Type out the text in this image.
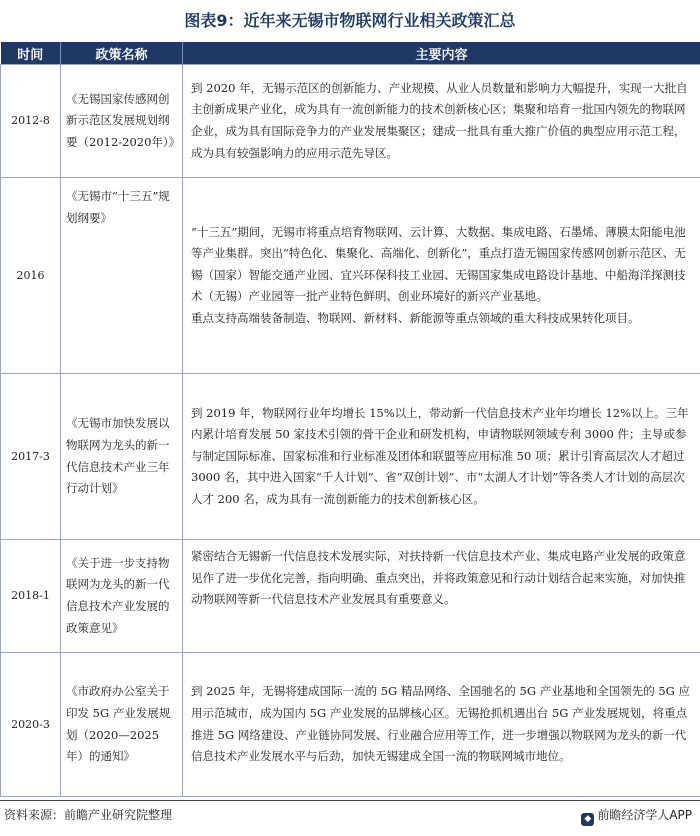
图表9：近年来无锡市物联网行业相关政策汇总
时间	政策名称	主要内容
2012-8	《无锡国家传感网创新示范区发展规划纲要（2012-2020年）》	到 2020 年，无锡示范区的创新能力、产业规模、从业人员数量和影响力大幅提升，实现一大批自主创新成果产业化，成为具有一流创新能力的技术创新核心区；集聚和培育一批国内领先的物联网企业，成为具有国际竞争力的产业发展集聚区；建成一批具有重大推广价值的典型应用示范工程，成为具有较强影响力的应用示范先导区。

2016	《无锡市“十三五”规划纲要》	“十三五”期间，无锡市将重点培育物联网、云计算、大数据、集成电路、石墨烯、薄膜太阳能电池等产业集群。突出“特色化、集聚化、高端化、创新化”，重点打造无锡国家传感网创新示范区、无锡（国家）智能交通产业园、宜兴环保科技工业园、无锡国家集成电路设计基地、中船海洋探测技术（无锡）产业园等一批产业特色鲜明、创业环境好的新兴产业基地。
重点支持高端装备制造、物联网、新材料、新能源等重点领域的重大科技成果转化项目。

2017-3	《无锡市加快发展以物联网为龙头的新一代信息技术产业三年行动计划》	到 2019 年，物联网行业年均增长 15%以上，带动新一代信息技术产业年均增长 12%以上。三年内累计培育发展 50 家技术引领的骨干企业和研发机构，申请物联网领域专利 3000 件；主导或参与制定国际标准、国家标准和行业标准及团体和联盟等应用标准 50 项；累计引育高层次人才超过 3000 名，其中进入国家“千人计划”、省“双创计划”、市“太湖人才计划”等各类人才计划的高层次人才 200 名，成为具有一流创新能力的技术创新核心区。

2018-1	《关于进一步支持物联网为龙头的新一代信息技术产业发展的政策意见》	紧密结合无锡新一代信息技术发展实际，对扶持新一代信息技术产业、集成电路产业发展的政策意见作了进一步优化完善，指向明确、重点突出，并将政策意见和行动计划结合起来实施，对加快推动物联网等新一代信息技术产业发展具有重要意义。

2020-3	《市政府办公室关于印发 5G 产业发展规划（2020—2025 年）的通知》	到 2025 年，无锡将建成国际一流的 5G 精品网络、全国驰名的 5G 产业基地和全国领先的 5G 应用示范城市，成为国内 5G 产业发展的品牌核心区。无锡抢抓机遇出台 5G 产业发展规划，将重点推进 5G 网络建设、产业链协同发展、行业融合应用等工作，进一步增强以物联网为龙头的新一代信息技术产业发展水平与后劲，加快无锡建成全国一流的物联网城市地位。
资料来源：前瞻产业研究院整理	◆ 前瞻经济学人APP
